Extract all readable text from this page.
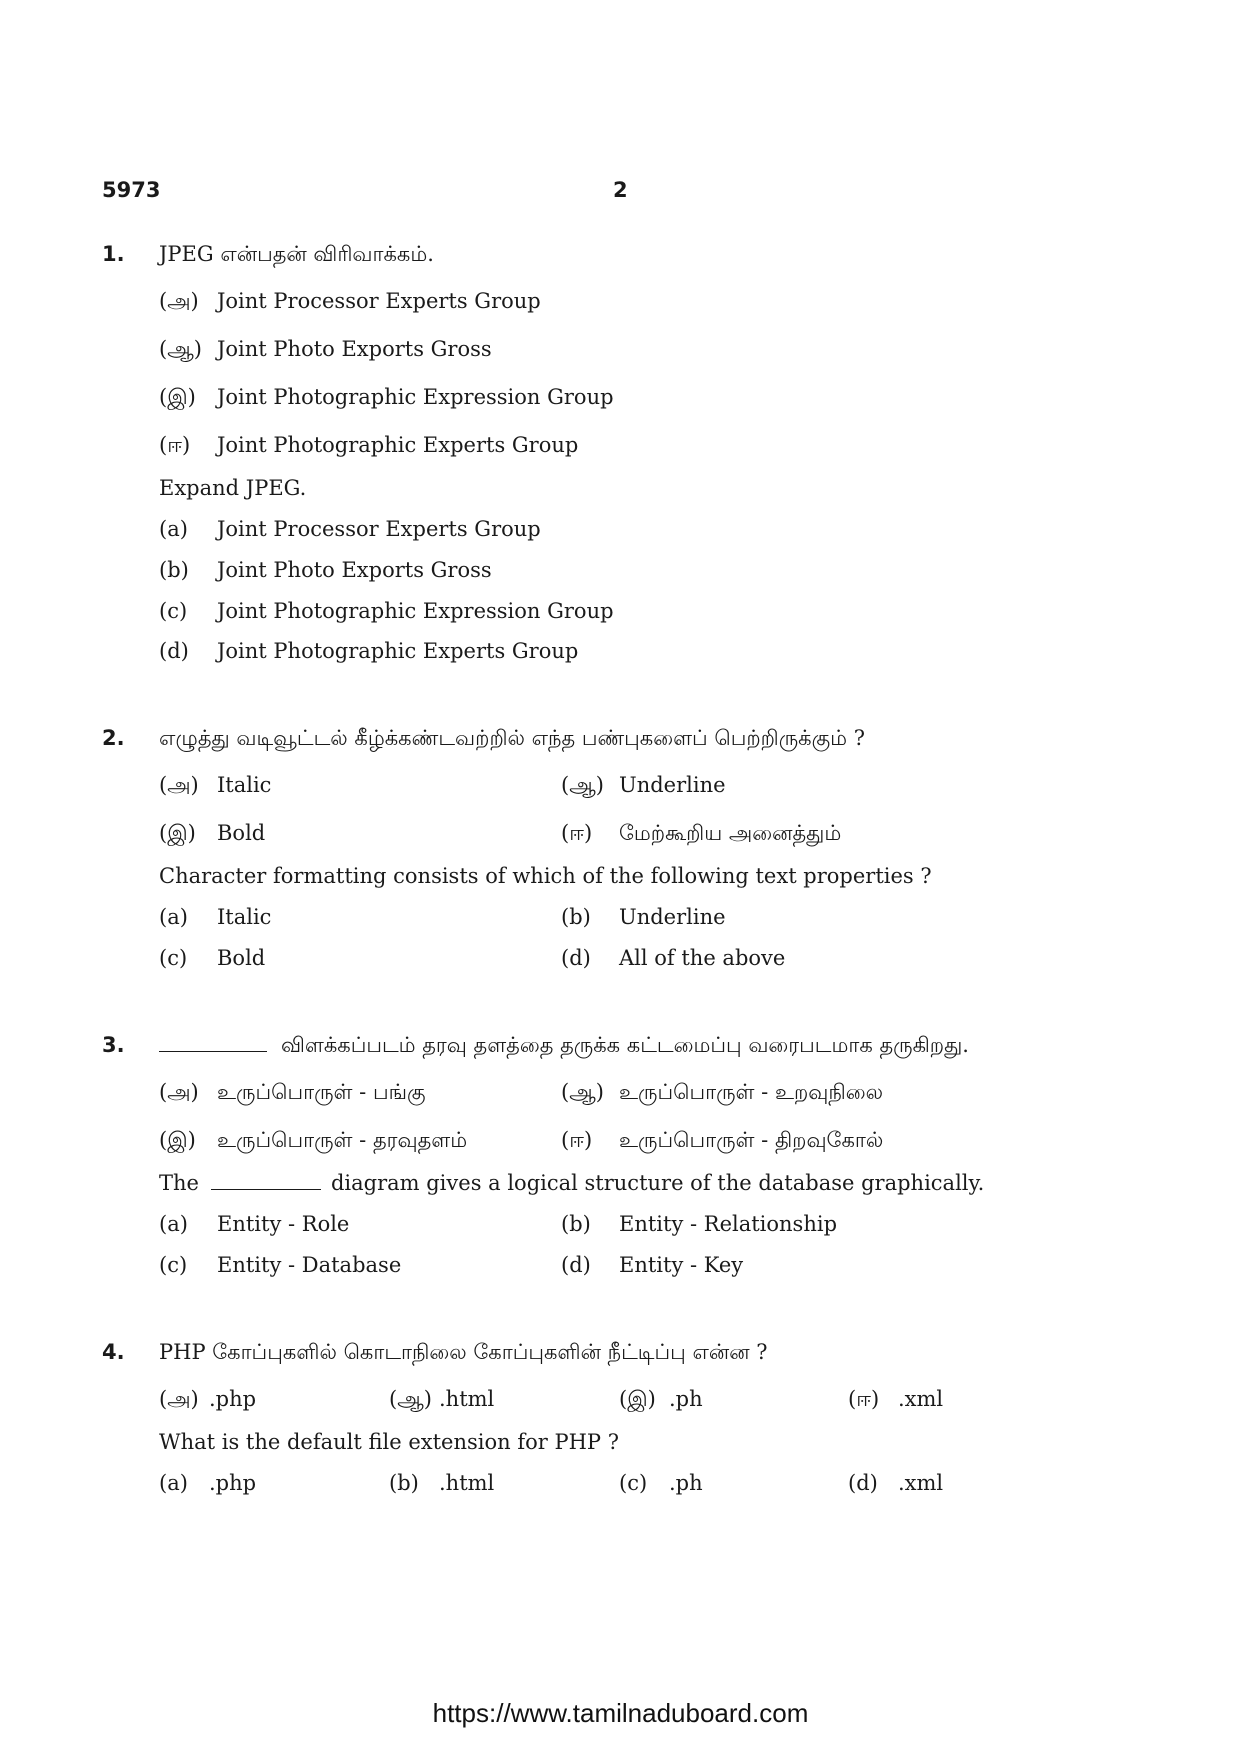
5973	2
1. JPEG என்பதன் விரிவாக்கம்.
(அ) Joint Processor Experts Group
(ஆ) Joint Photo Exports Gross
(இ) Joint Photographic Expression Group
(ஈ) Joint Photographic Experts Group
Expand JPEG.
(a) Joint Processor Experts Group
(b) Joint Photo Exports Gross
(c) Joint Photographic Expression Group
(d) Joint Photographic Experts Group
2. எழுத்து வடிவூட்டல் கீழ்க்கண்டவற்றில் எந்த பண்புகளைப் பெற்றிருக்கும் ?
(அ) Italic	(ஆ) Underline
(இ) Bold	(ஈ) மேற்கூறிய அனைத்தும்
Character formatting consists of which of the following text properties ?
(a) Italic	(b) Underline
(c) Bold	(d) All of the above
3.	விளக்கப்படம் தரவு தளத்தை தருக்க கட்டமைப்பு வரைபடமாக தருகிறது.
(அ) உருப்பொருள் - பங்கு	(ஆ) உருப்பொருள் - உறவுநிலை
(இ) உருப்பொருள் - தரவுதளம்	(ஈ) உருப்பொருள் - திறவுகோல்
The	diagram gives a logical structure of the database graphically.
(a) Entity - Role	(b) Entity - Relationship
(c) Entity - Database	(d) Entity - Key
4. PHP கோப்புகளில் கொடாநிலை கோப்புகளின் நீட்டிப்பு என்ன ?
(அ) .php	(ஆ) .html	(இ) .ph	(ஈ) .xml
What is the default file extension for PHP ?
(a) .php	(b) .html	(c) .ph	(d) .xml
https://www.tamilnaduboard.com
